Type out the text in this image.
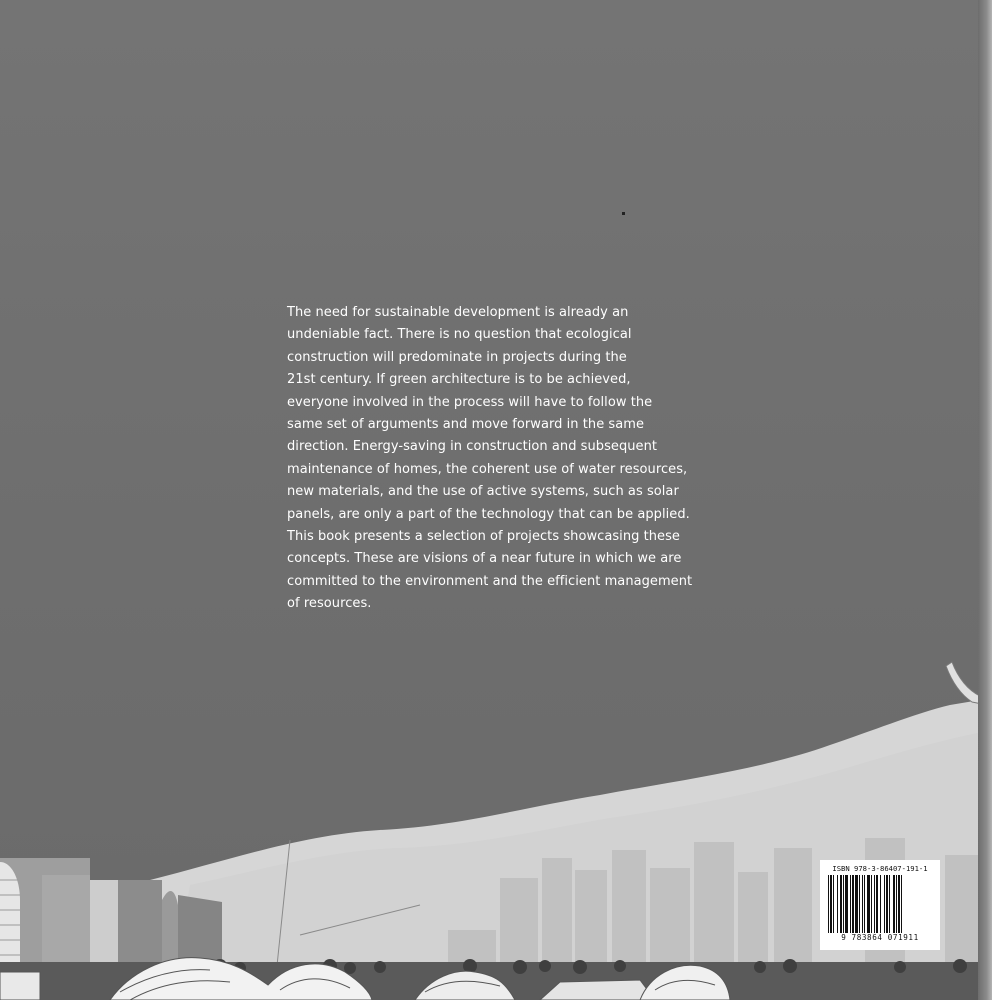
The need for sustainable development is already an
undeniable fact. There is no question that ecological
construction will predominate in projects during the
21st century. If green architecture is to be achieved,
everyone involved in the process will have to follow the
same set of arguments and move forward in the same
direction. Energy-saving in construction and subsequent
maintenance of homes, the coherent use of water resources,
new materials, and the use of active systems, such as solar
panels, are only a part of the technology that can be applied.
This book presents a selection of projects showcasing these
concepts. These are visions of a near future in which we are
committed to the environment and the efficient management
of resources.

ISBN 978-3-86407-191-1
9 783864 071911
